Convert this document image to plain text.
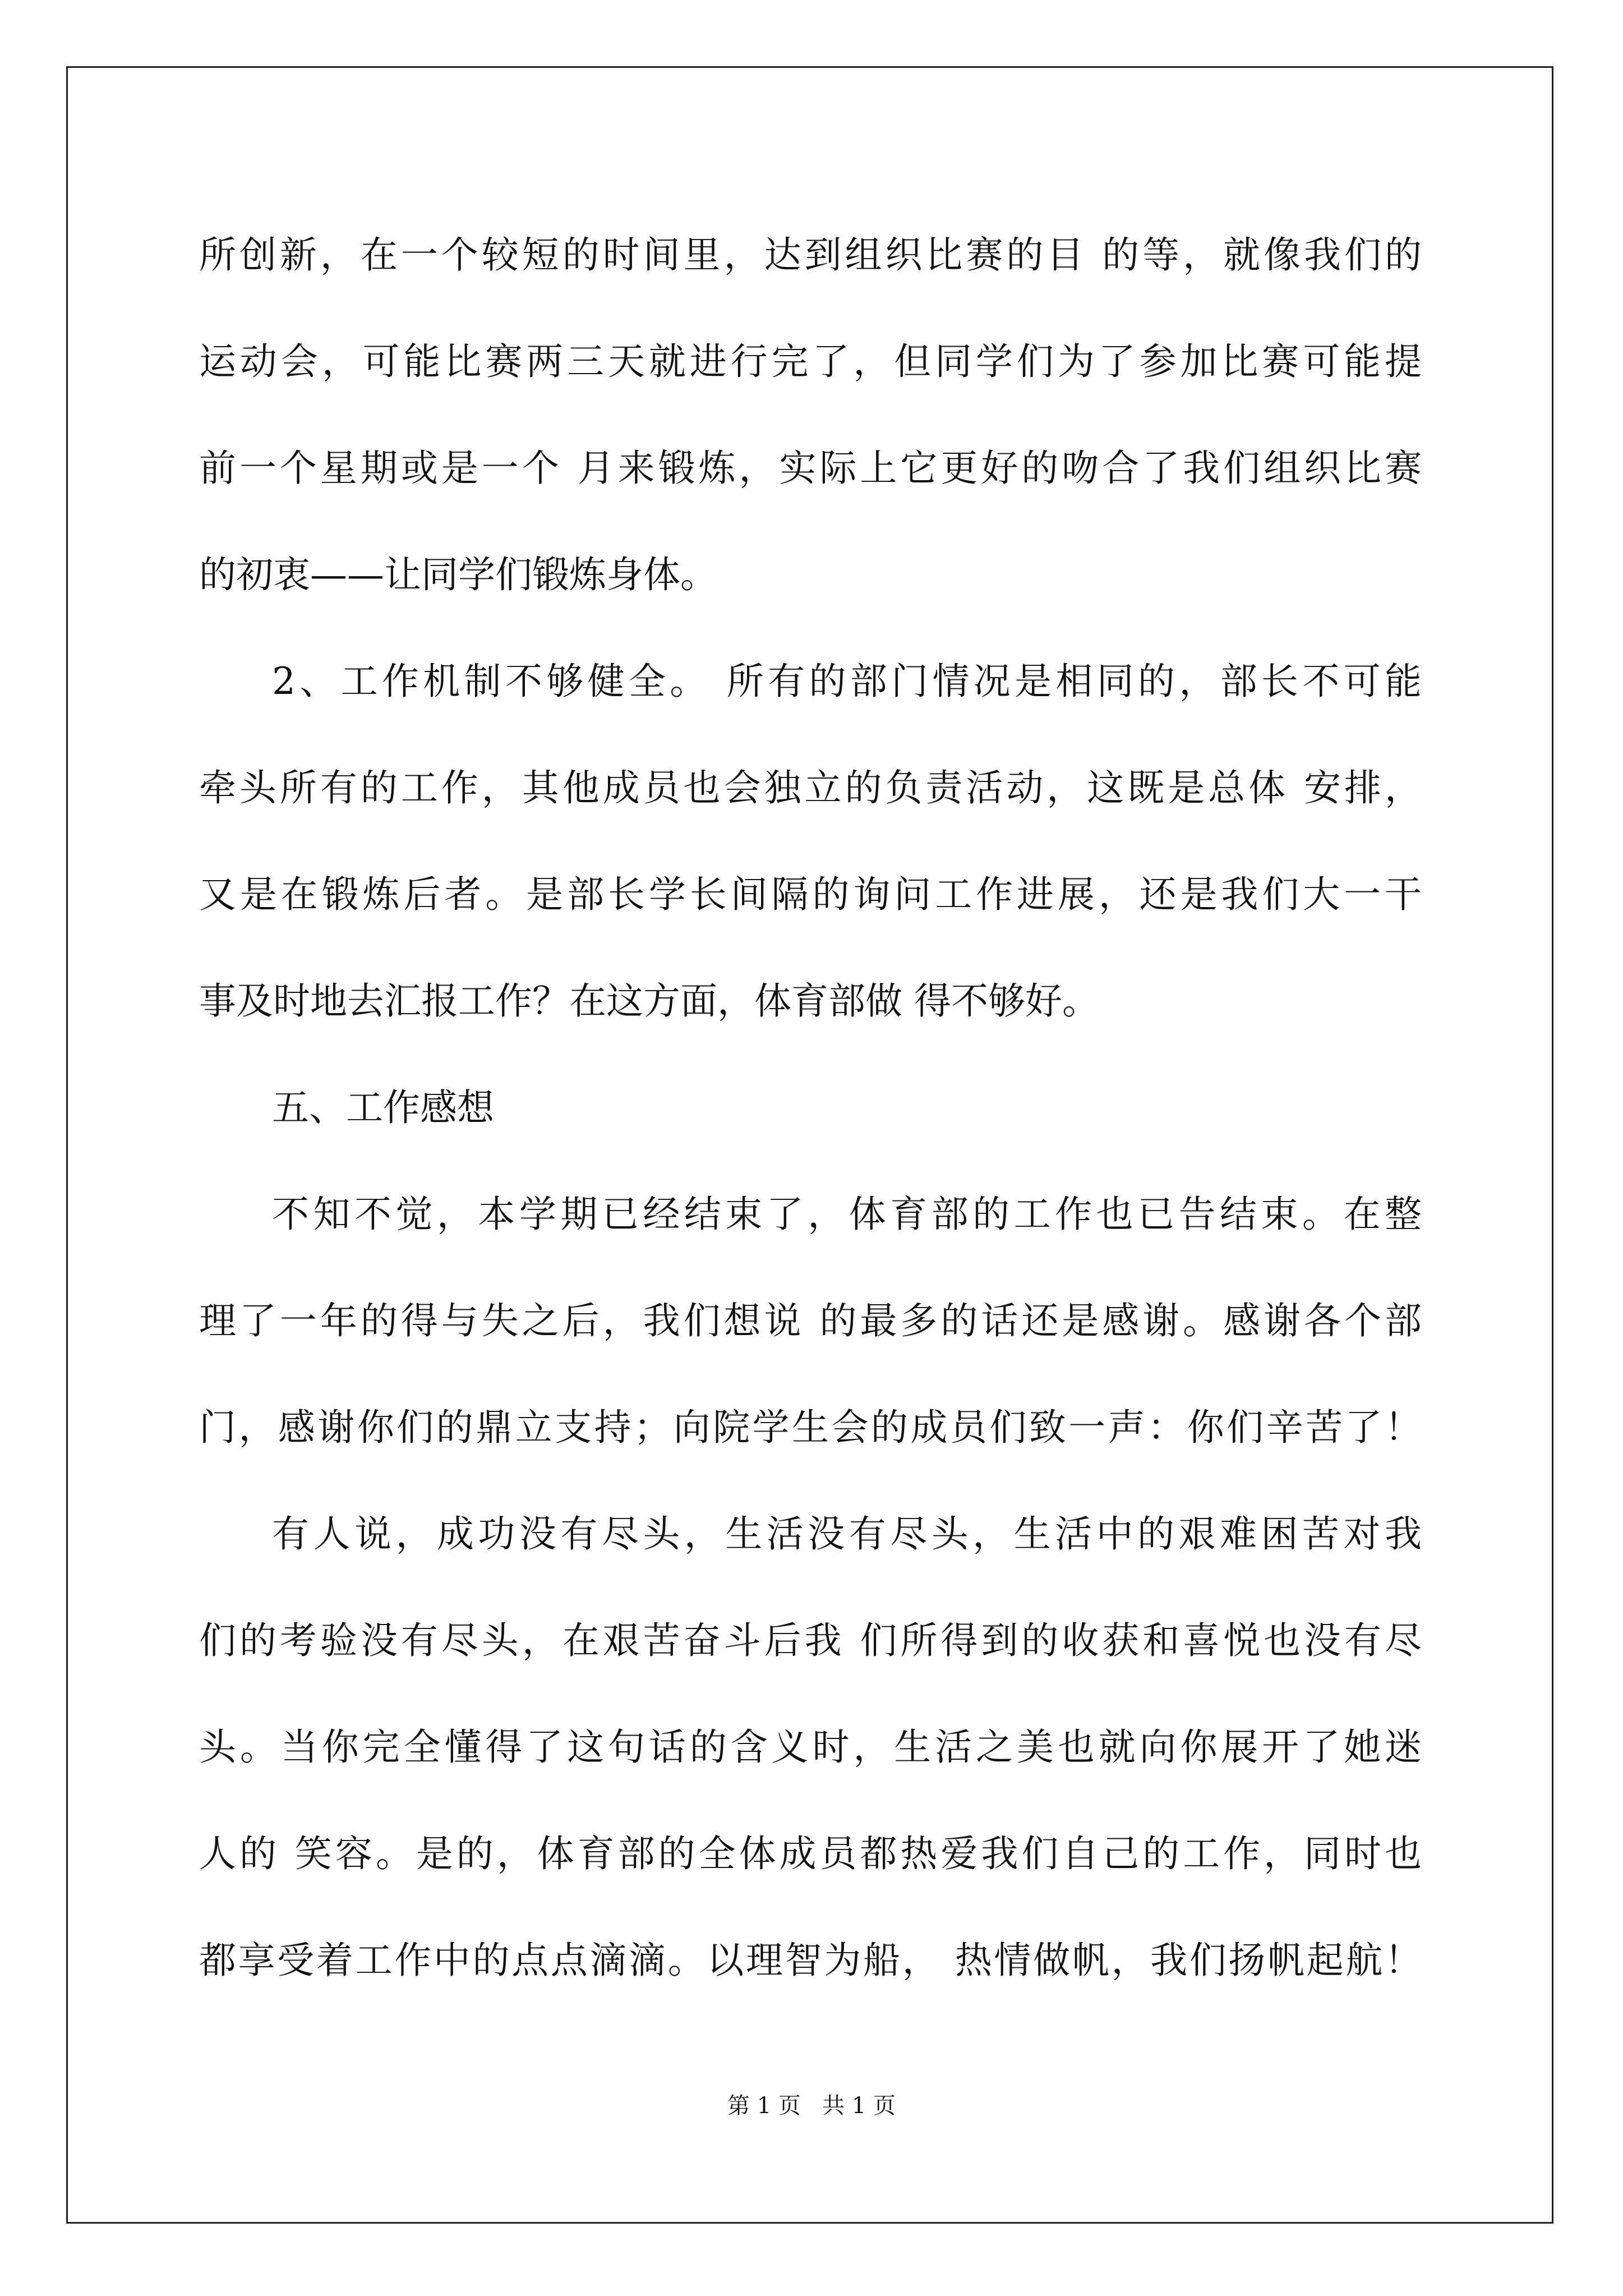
所创新，在一个较短的时间里，达到组织比赛的目 的等，就像我们的
运动会，可能比赛两三天就进行完了，但同学们为了参加比赛可能提
前一个星期或是一个 月来锻炼，实际上它更好的吻合了我们组织比赛
的初衷——让同学们锻炼身体。
2、工作机制不够健全。 所有的部门情况是相同的，部长不可能
牵头所有的工作，其他成员也会独立的负责活动，这既是总体 安排，
又是在锻炼后者。是部长学长间隔的询问工作进展，还是我们大一干
事及时地去汇报工作？在这方面，体育部做 得不够好。
五、工作感想
不知不觉，本学期已经结束了，体育部的工作也已告结束。在整
理了一年的得与失之后，我们想说 的最多的话还是感谢。感谢各个部
门，感谢你们的鼎立支持；向院学生会的成员们致一声：你们辛苦了！
有人说，成功没有尽头，生活没有尽头，生活中的艰难困苦对我
们的考验没有尽头，在艰苦奋斗后我 们所得到的收获和喜悦也没有尽
头。当你完全懂得了这句话的含义时，生活之美也就向你展开了她迷
人的 笑容。是的，体育部的全体成员都热爱我们自己的工作，同时也
都享受着工作中的点点滴滴。以理智为船， 热情做帆，我们扬帆起航！
第 1 页   共 1 页
